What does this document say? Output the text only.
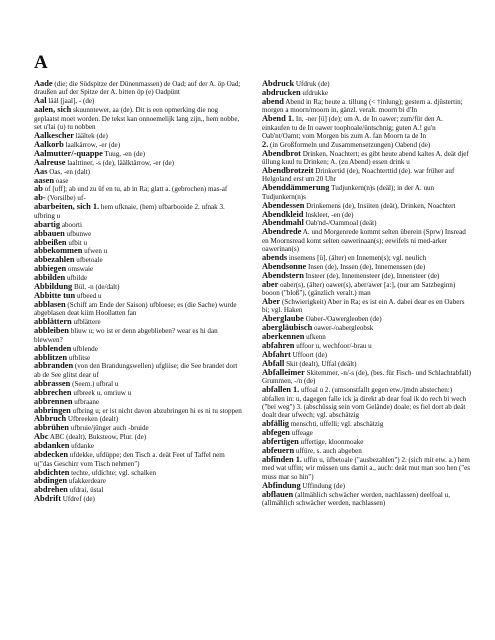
A
Aade (die; die Südspitze der Dünenmassen) de Oad; auf der A. öp Oad; draußen auf der Spitze der A. bitten öp (e) Oadpünt
Aal läál [jaal], - (de)
aalen, sich skuunntewer, aa (de). Dit is een opmerking die nog geplaatst moet worden. De tekst kan onnoemelijk lang zijn,, hem nobbe, set u'lai (u) tu nobben
Aalkescher läältek (de)
Aalkorb laalkärrow, -er (de)
Aalmutter/-quappe Tuug, -en (de)
Aalreuse laalttiner, -s (de), läälktärrow, -er (de)
Aas Oas, -en (dalt)
aasen oase
ab of [uff]; ab und zu üf en tu, ab in Ra; glatt a. (gebrochen) mas-af
ab- (Vorsilbe) uf-
abarbeiten, sich 1. hem ufknaie, (hem) ufbarbooide 2. ufnak 3. ufbring u
abartig aboorti
abbauen ufbunwe
abbeißen ufbit u
abbekommen ufwen u
abbezahlen ufbetoale
abbiegen omswaie
abbilden ufbilde
Abbildung Bül, -n (de/dalt)
Abbitte tun ufbeed u
abblasen (Schiff am Ende der Saison) ufbloese; es (die Sache) wurde abgeblasen deat kiim Hoollatten fan
abblättern ufblättere
abbleiben bliuw u; wo ist er denn abgeblieben? wear es hi dan blewwen?
abblenden ufblende
abblitzen ufblitse
abbranden (von den Brandungswellen) ufgliise; die See brandet dort ab de See glitst dear uf
abbrassen (Seem.) ufbral u
abbrechen ufbreek u, omriuw u
abbrennen ufbraane
abbringen ufbring u; er ist nicht davon abzubringen hi es ni tu stoppen
Abbruch Ufbreeken (dealt)
abbrühen ufbruie/jünger auch -bruide
Abc ABC (dealt), Buksteow, Plur. (de)
abdanken ufdanke
abdecken ufdekke, ufdüppe; den Tisch a. deät Feet uf Taffel nem u("das Geschirr vom Tisch nehmen")
abdichten techte, ufdichte; vgl. schalken
abdingen ufakkerdeare
abdrehen ufdrai, üstal
Abdrift Ufdref (de)
Abdruck Ufdruk (de)
abdrucken ufdrukke
abend Abend in Ra; heute a. tillung (< †inlung); gestern a. djüstertin; morgen a moorn/moorn in, gänzl. veralt. moorn bi d'In
Abend 1. In, -ner [ü] (de); om A. de In oawer; zum/für den A. einkaufen tu de In oawer toophoale/üntschnig; guten A.! gu'n Oab'nt/Oamt; vom Morgen bis zum A. fan Moorn ta de In
2. (in Großformeln und Zusammensetzungen) Oabend (de)
Abendbrot Drinken, Noachtert; es gibt heute abend kaltes A. deät djef üllung kuul tu Drinken; A. (zu Abend) essen drink u
Abendbrotzeit Drinkertid (de), Noachterttid (de). war früher auf Helgoland erst um 20 Uhr
Abenddämmerung Tudjunkern(n)s (deäl); in der A. uun Tudjunkern(n)s
Abendessen Drinkemens (de), Insiiten (deät), Drinken, Noachtert
Abendkleid Inskleet, -en (de)
Abendmahl Oab'nd-/Oammoal (deät)
Abendrede A. und Morgenrede kommt selten überein (Sprw) Insread en Moornsread komt selten oawerinaan(s); eewifels ni med-arker oawerinan(s)
abends insemens [ü], (älter) en Innemen(s); vgl. neulich
Abendsonne Insen (de), Inssen (de), Innemenssen (de)
Abendstern Insteer (de), Innemensteer (de), Innensteer (de)
aber oaber(s), (älter) oawer(s), aber/awer [a:], (nur am Satzbeginn) booon ("bloß"), (gänzlich veralt.) man
Aber (Schwierigkeit) Aber in Ra; es ist ein A. dabei dear es en Oabers bi; vgl. Haken
Aberglaube Oaber-/Oawergleoben (de)
abergläubisch oawer-/oabergleobsk
aberkennen ufkenn
abfahren uffoor u, wechfoor/-brau u
Abfahrt Uffoort (de)
Abfall Skit (dealt), Uffal (deält)
Abfalleimer Skitemmer, -n/-s (de), (bes. für Fisch- und Schlachtabfall) Grummen, -/n (de)
abfallen 1. uffoal u 2. (umsonstfallt gegen etw./jmdn abstechen:) abfallen in: u, dagegen falle ick ja direkt ab dear foal ik do rech bi wech ("bei weg") 3. (abschüssig sein vom Gelände) doale; es fiel dort ab deät doalt dear ufwech; vgl. abschätzig
abfällig menschti, uffelli; vgl. abschätzig
abfegen uffeage
abfertigen uffertige, kloonmoake
abfeuern uffüre, s. auch abgeben
abfinden 1. uffin u, üfbetoale ("ausbezahlen") 2. (sich mit etw. a.) hem med wat uffin; wir müssen uns damit a., auch: deät mut man soo hen ("es muss mar so hin")
Abfindung Uffindung (de)
abflauen (allmählich schwächer werden, nachlassen) deelfoal u, (allmählich schwächer werden, nachlassen)
